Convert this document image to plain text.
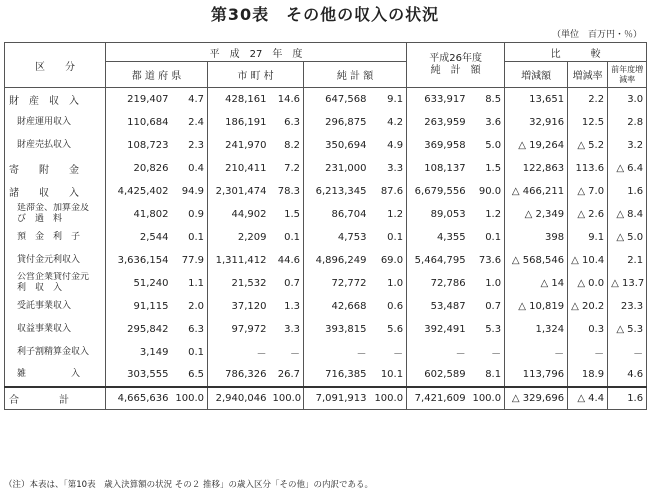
第30表　その他の収入の状況
（単位　百万円・％）
区　　分	平　成　27　年　度						平成26年度
純　計　額		比　　　較		
	都 道 府 県		市 町 村		純 計 額				増減額	増減率	前年度増減率
財　産　収　入	219,407	4.7	428,161	14.6	647,568	9.1	633,917	8.5	13,651	2.2	3.0
財産運用収入	110,684	2.4	186,191	6.3	296,875	4.2	263,959	3.6	32,916	12.5	2.8
財産売払収入	108,723	2.3	241,970	8.2	350,694	4.9	369,958	5.0	△ 19,264	△ 5.2	3.2
寄　　附　　金	20,826	0.4	210,411	7.2	231,000	3.3	108,137	1.5	122,863	113.6	△ 6.4
諸　　収　　入	4,425,402	94.9	2,301,474	78.3	6,213,345	87.6	6,679,556	90.0	△ 466,211	△ 7.0	1.6
延滞金、加算金及　び　過　料	41,802	0.9	44,902	1.5	86,704	1.2	89,053	1.2	△ 2,349	△ 2.6	△ 8.4
預　金　利　子	2,544	0.1	2,209	0.1	4,753	0.1	4,355	0.1	398	9.1	△ 5.0
貸付金元利収入	3,636,154	77.9	1,311,412	44.6	4,896,249	69.0	5,464,795	73.6	△ 568,546	△ 10.4	2.1
公営企業貸付金元　利　収　入	51,240	1.1	21,532	0.7	72,772	1.0	72,786	1.0	△ 14	△ 0.0	△ 13.7
受託事業収入	91,115	2.0	37,120	1.3	42,668	0.6	53,487	0.7	△ 10,819	△ 20.2	23.3
収益事業収入	295,842	6.3	97,972	3.3	393,815	5.6	392,491	5.3	1,324	0.3	△ 5.3
利子割精算金収入	3,149	0.1	－	－	－	－	－	－	－	－	－
雑　　　　　入	303,555	6.5	786,326	26.7	716,385	10.1	602,589	8.1	113,796	18.9	4.6
合　　　　計	4,665,636	100.0	2,940,046	100.0	7,091,913	100.0	7,421,609	100.0	△ 329,696	△ 4.4	1.6
（注）本表は、「第10表　歳入決算額の状況 その２ 推移」の歳入区分「その他」の内訳である。
